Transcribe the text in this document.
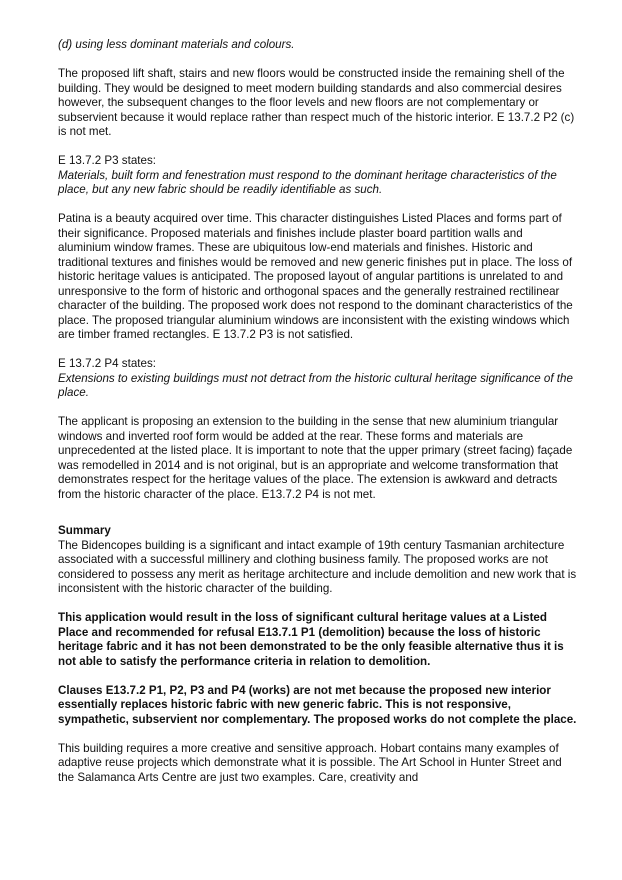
(d) using less dominant materials and colours.

The proposed lift shaft, stairs and new floors would be constructed inside the remaining shell of the building. They would be designed to meet modern building standards and also commercial desires however, the subsequent changes to the floor levels and new floors are not complementary or subservient because it would replace rather than respect much of the historic interior. E 13.7.2 P2 (c) is not met.

E 13.7.2 P3 states:

Materials, built form and fenestration must respond to the dominant heritage characteristics of the place, but any new fabric should be readily identifiable as such.

Patina is a beauty acquired over time. This character distinguishes Listed Places and forms part of their significance. Proposed materials and finishes include plaster board partition walls and aluminium window frames. These are ubiquitous low-end materials and finishes. Historic and traditional textures and finishes would be removed and new generic finishes put in place. The loss of historic heritage values is anticipated. The proposed layout of angular partitions is unrelated to and unresponsive to the form of historic and orthogonal spaces and the generally restrained rectilinear character of the building. The proposed work does not respond to the dominant characteristics of the place. The proposed triangular aluminium windows are inconsistent with the existing windows which are timber framed rectangles. E 13.7.2 P3 is not satisfied.

E 13.7.2 P4 states:

Extensions to existing buildings must not detract from the historic cultural heritage significance of the place.

The applicant is proposing an extension to the building in the sense that new aluminium triangular windows and inverted roof form would be added at the rear. These forms and materials are unprecedented at the listed place. It is important to note that the upper primary (street facing) façade was remodelled in 2014 and is not original, but is an appropriate and welcome transformation that demonstrates respect for the heritage values of the place. The extension is awkward and detracts from the historic character of the place. E13.7.2 P4 is not met.

Summary

The Bidencopes building is a significant and intact example of 19th century Tasmanian architecture associated with a successful millinery and clothing business family. The proposed works are not considered to possess any merit as heritage architecture and include demolition and new work that is inconsistent with the historic character of the building.

This application would result in the loss of significant cultural heritage values at a Listed Place and recommended for refusal E13.7.1 P1 (demolition) because the loss of historic heritage fabric and it has not been demonstrated to be the only feasible alternative thus it is not able to satisfy the performance criteria in relation to demolition.

Clauses E13.7.2 P1, P2, P3 and P4 (works) are not met because the proposed new interior essentially replaces historic fabric with new generic fabric. This is not responsive, sympathetic, subservient nor complementary. The proposed works do not complete the place.

This building requires a more creative and sensitive approach. Hobart contains many examples of adaptive reuse projects which demonstrate what it is possible. The Art School in Hunter Street and the Salamanca Arts Centre are just two examples. Care, creativity and
